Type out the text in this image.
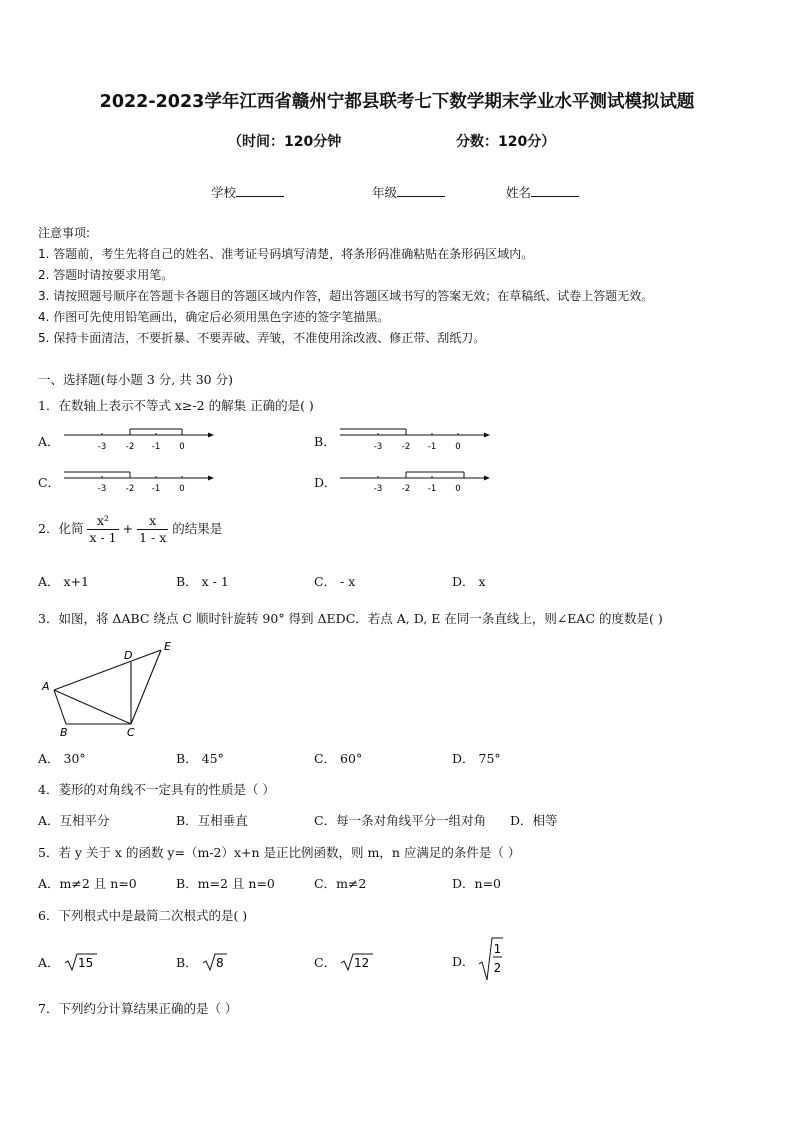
2022-2023学年江西省赣州宁都县联考七下数学期末学业水平测试模拟试题
（时间：120分钟	分数：120分）
学校	年级	姓名
注意事项:
1. 答题前，考生先将自己的姓名、准考证号码填写清楚，将条形码准确粘贴在条形码区域内。
2. 答题时请按要求用笔。
3. 请按照题号顺序在答题卡各题目的答题区域内作答，超出答题区域书写的答案无效；在草稿纸、试卷上答题无效。
4. 作图可先使用铅笔画出，确定后必须用黑色字迹的签字笔描黑。
5. 保持卡面清洁，不要折暴、不要弄破、弄皱，不准使用涂改液、修正带、刮纸刀。
一、选择题(每小题 3 分, 共 30 分)
1．在数轴上表示不等式 x≥-2 的解集 正确的是( )
A．	-3 -2 -1 0	B．	-3 -2 -1 0
C．	-3 -2 -1 0	D．	-3 -2 -1 0
2．化简 $\frac{\text{x²}}{x - 1} + \frac{x}{1 - x}$ 的结果是
A． x+1	B． x - 1	C． - x	D． x
3．如图，将 ΔABC 绕点 C 顺时针旋转 90° 得到 ΔEDC．若点 A, D, E 在同一条直线上，则∠EAC 的度数是( )
A
B	C
D
E
A． 30°	B． 45°	C． 60°	D． 75°
4．菱形的对角线不一定具有的性质是（ ）
A．互相平分	B．互相垂直	C．每一条对角线平分一组对角 D．相等
5．若 y 关于 x 的函数 y=（m-2）x+n 是正比例函数，则 m，n 应满足的条件是（ ）
A．m≠2 且 n=0	B．m=2 且 n=0	C．m≠2	D．n=0
6．下列根式中是最简二次根式的是( )
A． 15	B． 8	C． 12	D．
1
2
7．下列约分计算结果正确的是（ ）
